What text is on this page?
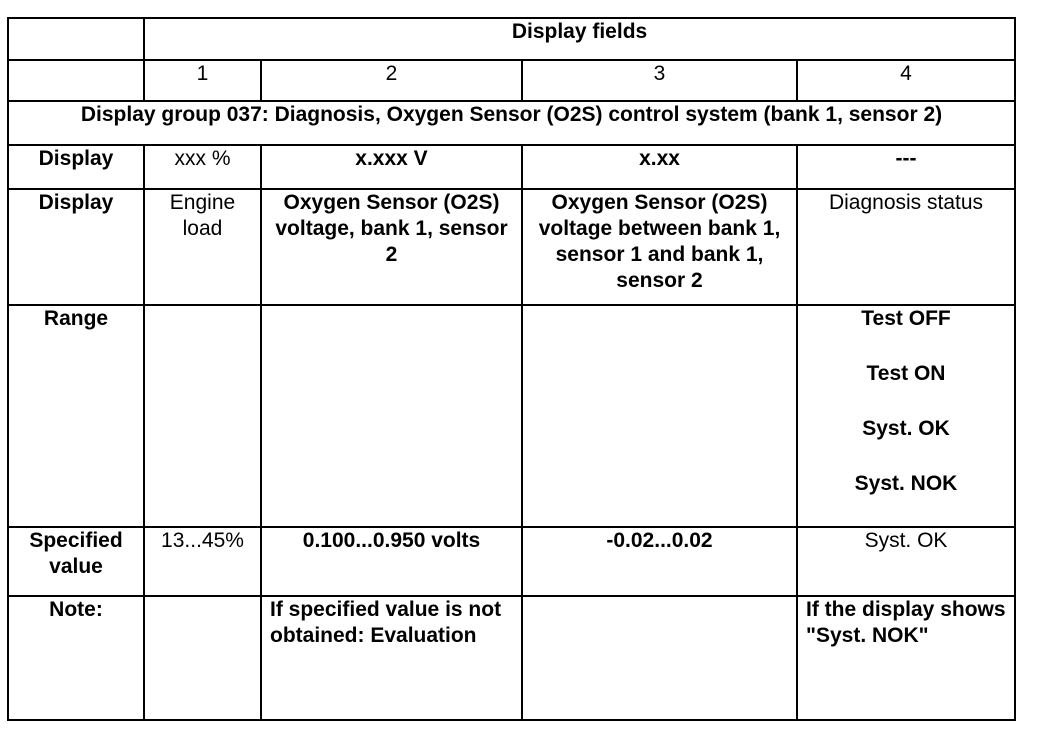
	Display fields			
	1	2	3	4
Display group 037: Diagnosis, Oxygen Sensor (O2S) control system (bank 1, sensor 2)				
Display	xxx %	x.xxx V	x.xx	---
Display	Engine load	Oxygen Sensor (O2S) voltage, bank 1, sensor 2	Oxygen Sensor (O2S) voltage between bank 1, sensor 1 and bank 1, sensor 2	Diagnosis status
Range				Test OFF
Test ON
Syst. OK
Syst. NOK

Specified value	13...45%	0.100...0.950 volts	-0.02...0.02	Syst. OK
Note:		If specified value is not obtained: Evaluation		If the display shows "Syst. NOK"
